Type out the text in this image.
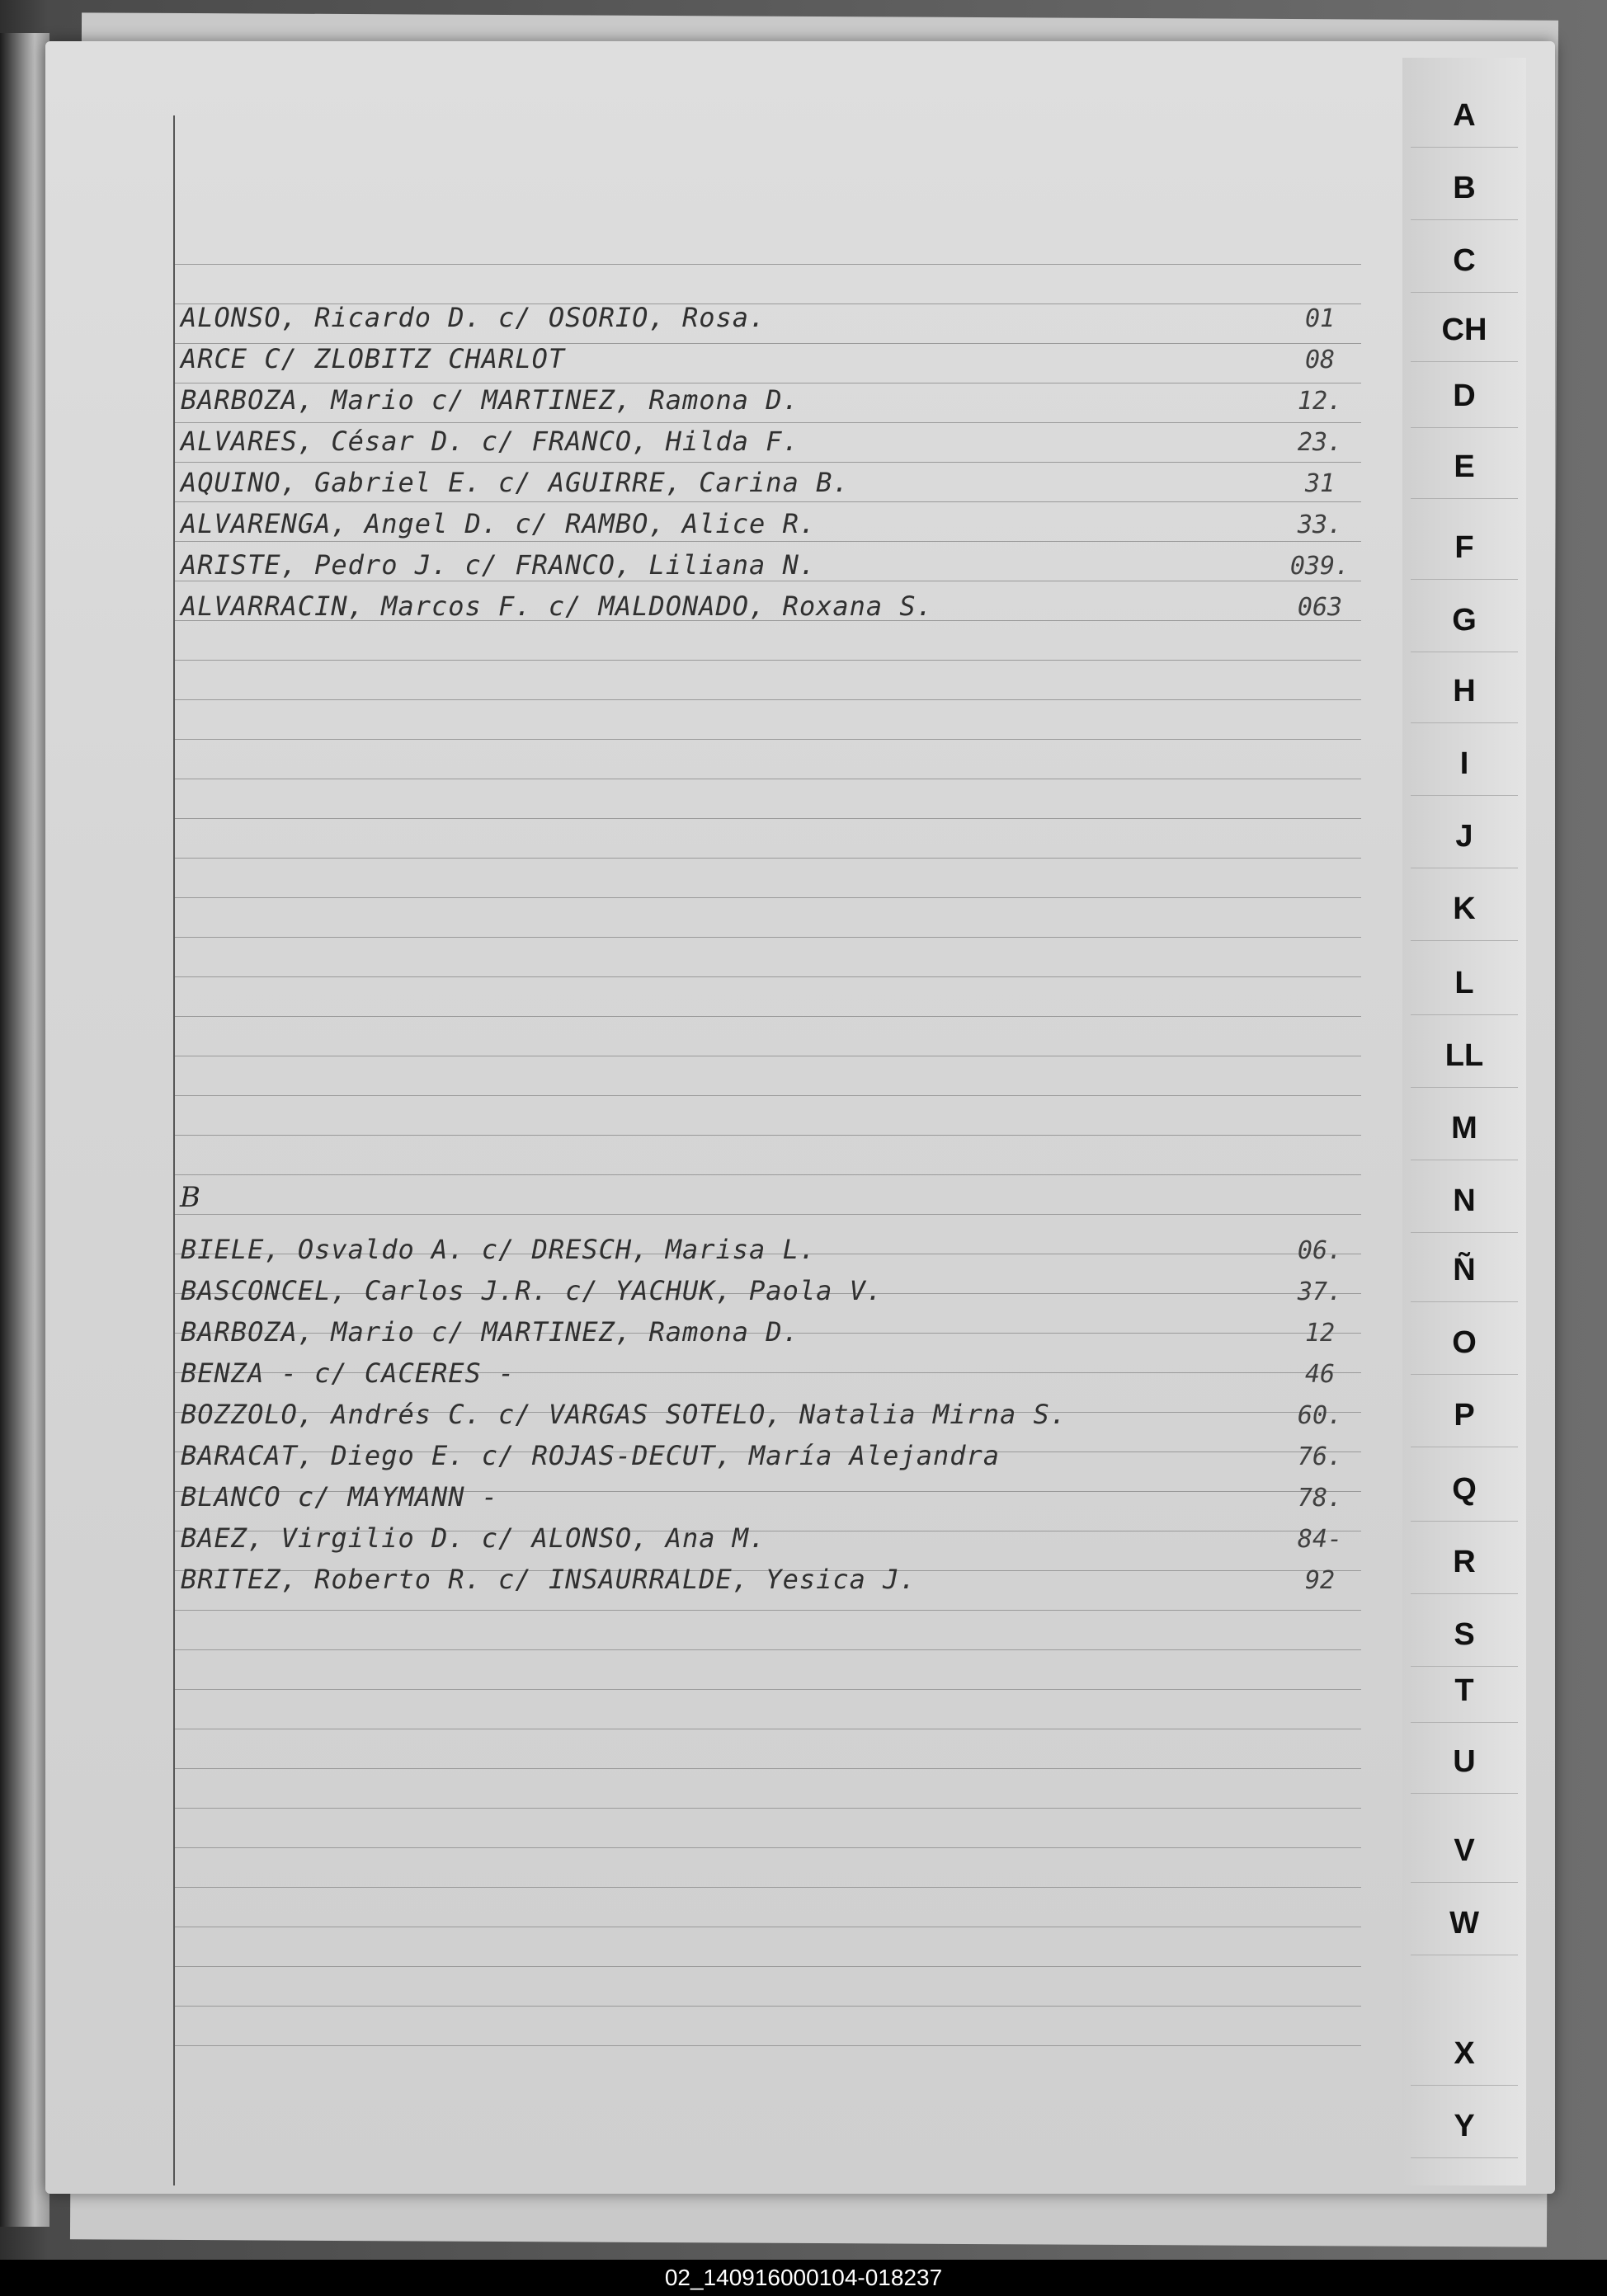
ALONSO, Ricardo D. c/ OSORIO, Rosa.	01
ARCE C/ ZLOBITZ CHARLOT	08
BARBOZA, Mario c/ MARTINEZ, Ramona D.	12.
ALVARES, César D. c/ FRANCO, Hilda F.	23.
AQUINO, Gabriel E. c/ AGUIRRE, Carina B.	31
ALVARENGA, Angel D. c/ RAMBO, Alice R.	33.
ARISTE, Pedro J. c/ FRANCO, Liliana N.	039.
ALVARRACIN, Marcos F. c/ MALDONADO, Roxana S.	063
B
BIELE, Osvaldo A. c/ DRESCH, Marisa L.	06.
BASCONCEL, Carlos J.R. c/ YACHUK, Paola V.	37.
BARBOZA, Mario c/ MARTINEZ, Ramona D.	12
BENZA - c/ CACERES -	46
BOZZOLO, Andrés C. c/ VARGAS SOTELO, Natalia Mirna S.	60.
BARACAT, Diego E. c/ ROJAS-DECUT, María Alejandra	76.
BLANCO c/ MAYMANN -	78.
BAEZ, Virgilio D. c/ ALONSO, Ana M.	84-
BRITEZ, Roberto R. c/ INSAURRALDE, Yesica J.	92
A
B
C
CH
D
E
F
G
H
I
J
K
L
LL
M
N
Ñ
O
P
Q
R
S
T
U
V
W
X
Y
02_140916000104-018237
